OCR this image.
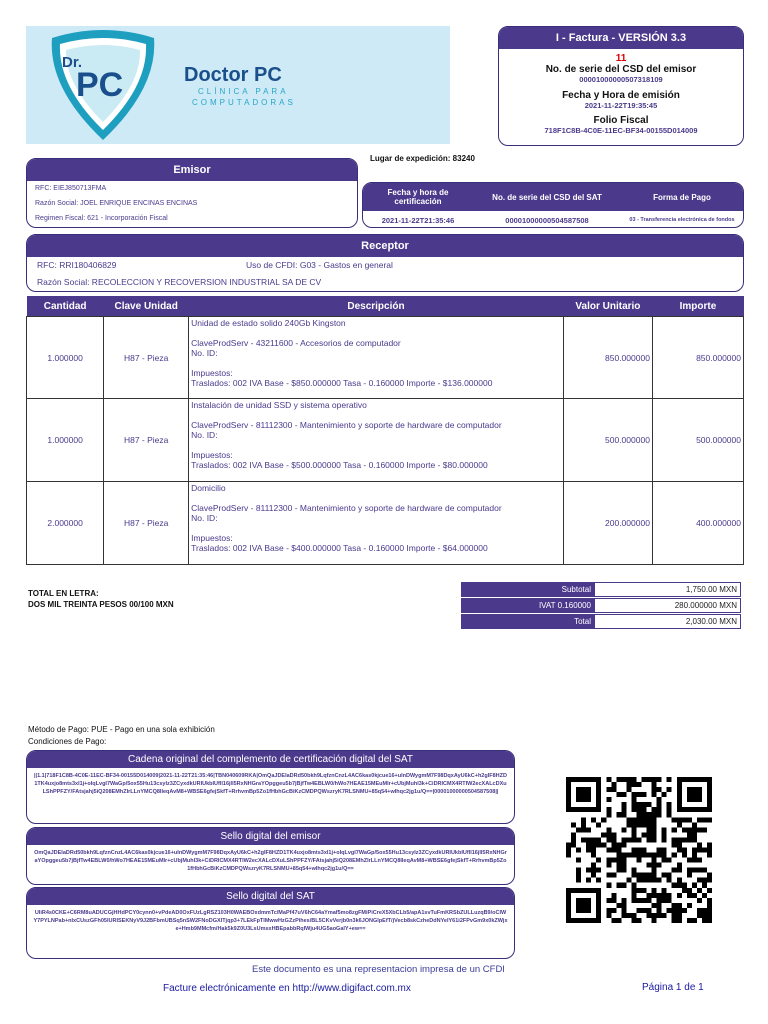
Dr.
PC	Doctor PC
CLÍNICA PARA
COMPUTADORAS
I - Factura - VERSIÓN 3.3
11
No. de serie del CSD del emisor
00001000000507318109
Fecha y Hora de emisión
2021-11-22T19:35:45
Folio Fiscal
718F1C8B-4C0E-11EC-BF34-00155D014009
Emisor
RFC: EIEJ850713FMA
Razón Social: JOEL ENRIQUE ENCINAS ENCINAS
Regimen Fiscal: 621 - Incorporación Fiscal
Lugar de expedición: 83240
Fecha y hora de certificación	No. de serie del CSD del SAT	Forma de Pago
2021-11-22T21:35:46	00001000000504587508	03 - Transferencia electrónica de fondos
Receptor
RFC: RRI180406829	Uso de CFDI: G03 - Gastos en general
Razón Social: RECOLECCION Y RECOVERSION INDUSTRIAL SA DE CV
Cantidad	Clave Unidad	Descripción	Valor Unitario	Importe
1.000000	H87 - Pieza	Unidad de estado solido 240Gb Kingston

ClaveProdServ - 43211600 - Accesorios de computador
No. ID:

Impuestos:
Traslados: 002 IVA Base - $850.000000 Tasa - 0.160000 Importe - $136.000000	850.000000	850.000000
1.000000	H87 - Pieza	Instalación de unidad SSD y sistema operativo

ClaveProdServ - 81112300 - Mantenimiento y soporte de hardware de computador
No. ID:

Impuestos:
Traslados: 002 IVA Base - $500.000000 Tasa - 0.160000 Importe - $80.000000	500.000000	500.000000
2.000000	H87 - Pieza	Domicilio

ClaveProdServ - 81112300 - Mantenimiento y soporte de hardware de computador
No. ID:

Impuestos:
Traslados: 002 IVA Base - $400.000000 Tasa - 0.160000 Importe - $64.000000	200.000000	400.000000
TOTAL EN LETRA:
DOS MIL TREINTA PESOS 00/100 MXN
Subtotal	1,750.00 MXN
IVAT 0.160000	280.000000 MXN
Total	2,030.00 MXN
Método de Pago: PUE - Pago en una sola exhibición
Condiciones de Pago:
Cadena original del complemento de certificación digital del SAT
||1.1|718F1C8B-4C0E-11EC-BF34-00155D014009|2021-11-22T21:35:46|TBN040609RKA|OmQaJDEIaDRd50bkh9LqfznCnzL4AC6kas0kjcue16+uInDWygmM7F98DqxAyU6kC+h2gIF8HZD1TK4uxjo8mts3xI1j+oIqLvgI7WaGp/5ox55Hu13csyIz3ZCyxdkURIUkbIUflI16jlI5RxNHGraYOpggeu5b7jBjfTw4EBLW0/hWo7HEAE15MEuMIr+cUbjMuhI3k+CiDRICMX4RTIW2ecXALcDXuLShPPFZY/FAtsjahj5iQ208EMhZIrLLnYMCQ8IIeqAvM8+WBSE6gfejSkfT+RrhvmBp5Zo1fHbhGcBiKzCMDPQWszryK7RLSNMU+85q54+wIhqc2jg1u/Q==|00001000000504587508||
Sello digital del emisor
OmQaJDEIaDRd50bkh9LqfznCnzL4AC6kas0kjcue16+uInDWygmM7F98DqxAyU6kC+h2gIF8HZD1TK4uxjo8mts3xI1j+oIqLvgI7WaGp/5ox55Hu13csyIz3ZCyxdkURIUkbIUflI16jlI5RxNHGraYOpggeu5b7jBjfTw4EBLW0/hWo7HEAE15MEuMIr+cUbjMuhI3k+CiDRICMX4RTIW2ecXALcDXuLShPPFZY/FAtsjahj5iQ208EMhZIrLLnYMCQ8IIeqAvM8+WBSE6gfejSkfT+RrhvmBp5Zo1fHbhGcBiKzCMDPQWszryK7RLSNMU+85q54+wIhqc2jg1u/Q==
Sello digital del SAT
UIiR4s0CKE+C6RM8uADUCGjHHdPCY0cynn0+vPdeAD0OxFUzLgRSZ103H0WAEBOxdmmTc/MaPf47uV6hC64aYmaf5mo8zgFMiPiCreX5XbCLb5/apA1svTuFmKRSbZULLuzqB9/oCIWY7PYLNPab+nIxCUszGFh05lURISEKNyV9J2BFbmUBSq5nSW2FNoDGXITjqp3+7LEkFpTlMwwHzGZzPihes/BL5CKvVerjb0n3k6JONGlpEfT/jVecb8skCzheDdNYeIY61i2FPvGm9x0kZWjxe+Hmb9MMcfm/Hak5k9Z0U3LsUmsxHBEpabbRqIWju4UG5aoGalY+ew==
Este documento es una representacion impresa de un CFDI
Facture electrónicamente en http://www.digifact.com.mx	Página 1 de 1
